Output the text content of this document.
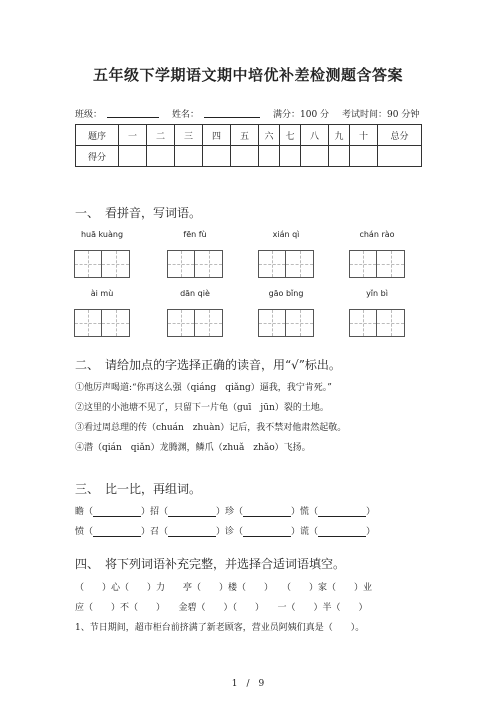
五年级下学期语文期中培优补差检测题含答案
班级：	姓名：	满分：100 分 考试时间：90 分钟
题序	一	二	三	四	五	六	七	八	九	十	总分
得分											
一、　看拼音，写词语。
huā kuàng	fēn fù	xián qì	chán rào
ài mù	dān qiè	gāo bǐng	yǐn bì
二、　请给加点的字选择正确的读音，用“√”标出。
①他厉声喝道:“你再这么强（qiáng　qiǎng）逼我，我宁肯死。”
②这里的小池塘不见了，只留下一片龟（guī　jūn）裂的土地。
③看过周总理的传（chuán　zhuàn）记后，我不禁对他肃然起敬。
④潜（qián　qiǎn）龙腾渊，鳞爪（zhuǎ　zhǎo）飞扬。
三、　比一比，再组词。
瞻（	）招（	）珍（	）慌（	）
愤（	）召（	）诊（	）谎（	）
四、　将下列词语补充完整，并选择合适词语填空。
（　　）心（　　）力　　亭（　　）楼（　　）　　（　　）家（　　）业
应（　　）不（　　）　　金碧（　　）（　　）　　一（　　）半（　　）
1、节日期间，超市柜台前挤满了新老顾客，营业员阿姨们真是（　　）。
1　/　9
